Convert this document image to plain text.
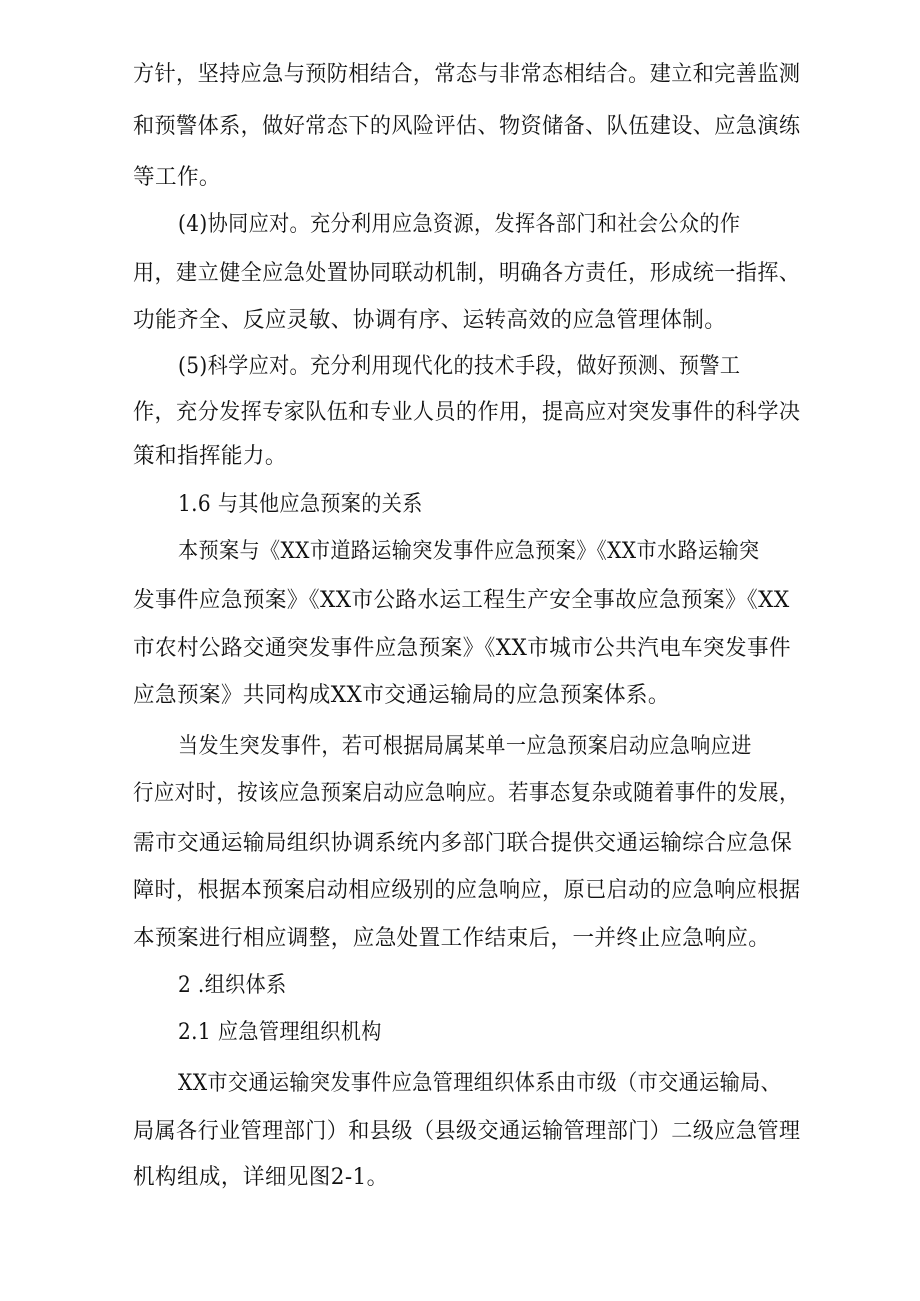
方针，坚持应急与预防相结合，常态与非常态相结合。建立和完善监测
和预警体系，做好常态下的风险评估、物资储备、队伍建设、应急演练
等工作。
(4)协同应对。充分利用应急资源，发挥各部门和社会公众的作
用，建立健全应急处置协同联动机制，明确各方责任，形成统一指挥、
功能齐全、反应灵敏、协调有序、运转高效的应急管理体制。
(5)科学应对。充分利用现代化的技术手段，做好预测、预警工
作，充分发挥专家队伍和专业人员的作用，提高应对突发事件的科学决
策和指挥能力。
1.6 与其他应急预案的关系
本预案与《XX市道路运输突发事件应急预案》《XX市水路运输突
发事件应急预案》《XX市公路水运工程生产安全事故应急预案》《XX
市农村公路交通突发事件应急预案》《XX市城市公共汽电车突发事件
应急预案》共同构成XX市交通运输局的应急预案体系。
当发生突发事件，若可根据局属某单一应急预案启动应急响应进
行应对时，按该应急预案启动应急响应。若事态复杂或随着事件的发展，
需市交通运输局组织协调系统内多部门联合提供交通运输综合应急保
障时，根据本预案启动相应级别的应急响应，原已启动的应急响应根据
本预案进行相应调整，应急处置工作结束后，一并终止应急响应。
2 .组织体系
2.1 应急管理组织机构
XX市交通运输突发事件应急管理组织体系由市级（市交通运输局、
局属各行业管理部门）和县级（县级交通运输管理部门）二级应急管理
机构组成，详细见图2-1。
